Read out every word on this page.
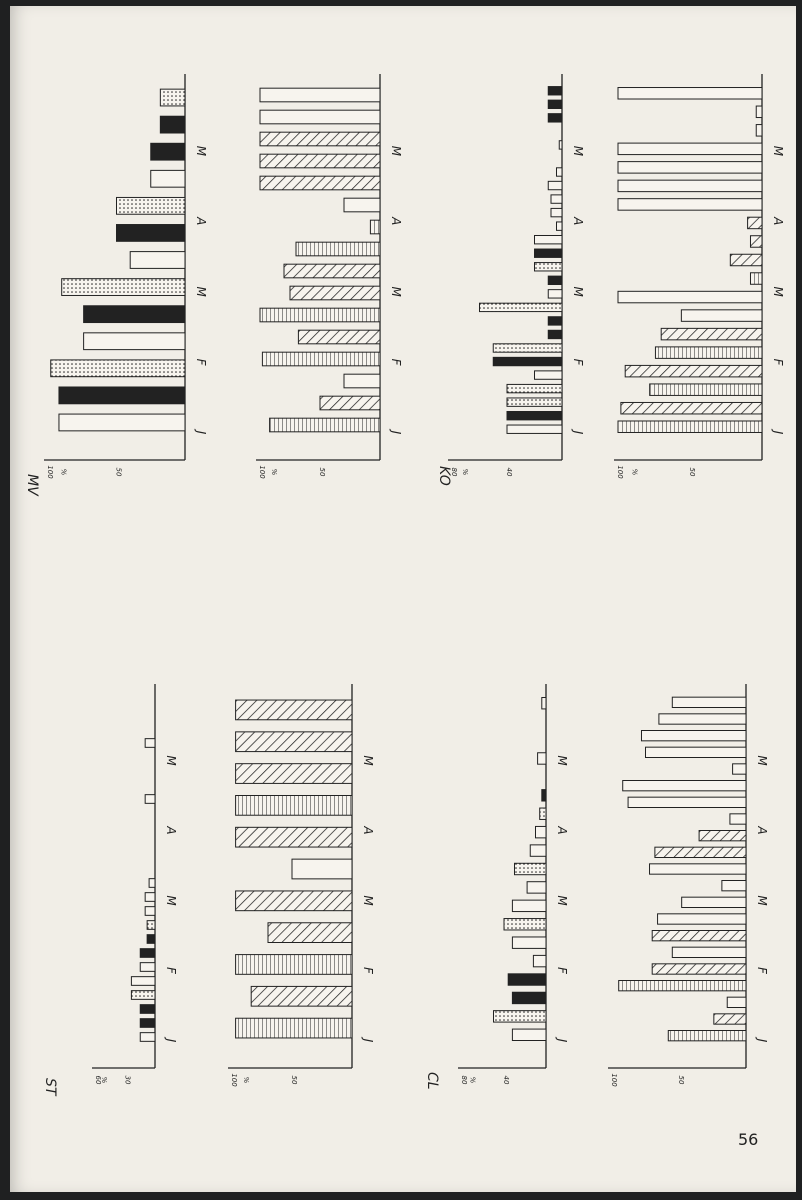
60
% 30
J
F
M
A
M
ST	100 %	50
J
F
M
A
M
80 %	40
J
F
M
A
M
CL	100	50
J
F
M
A
M
100 %	50
J
F
M
A
M
MV
100 %	50
J
F
M
A
M
80 %	40
J
F
M
A
M
KO	100 %	50
J
F
M
A
M
56
